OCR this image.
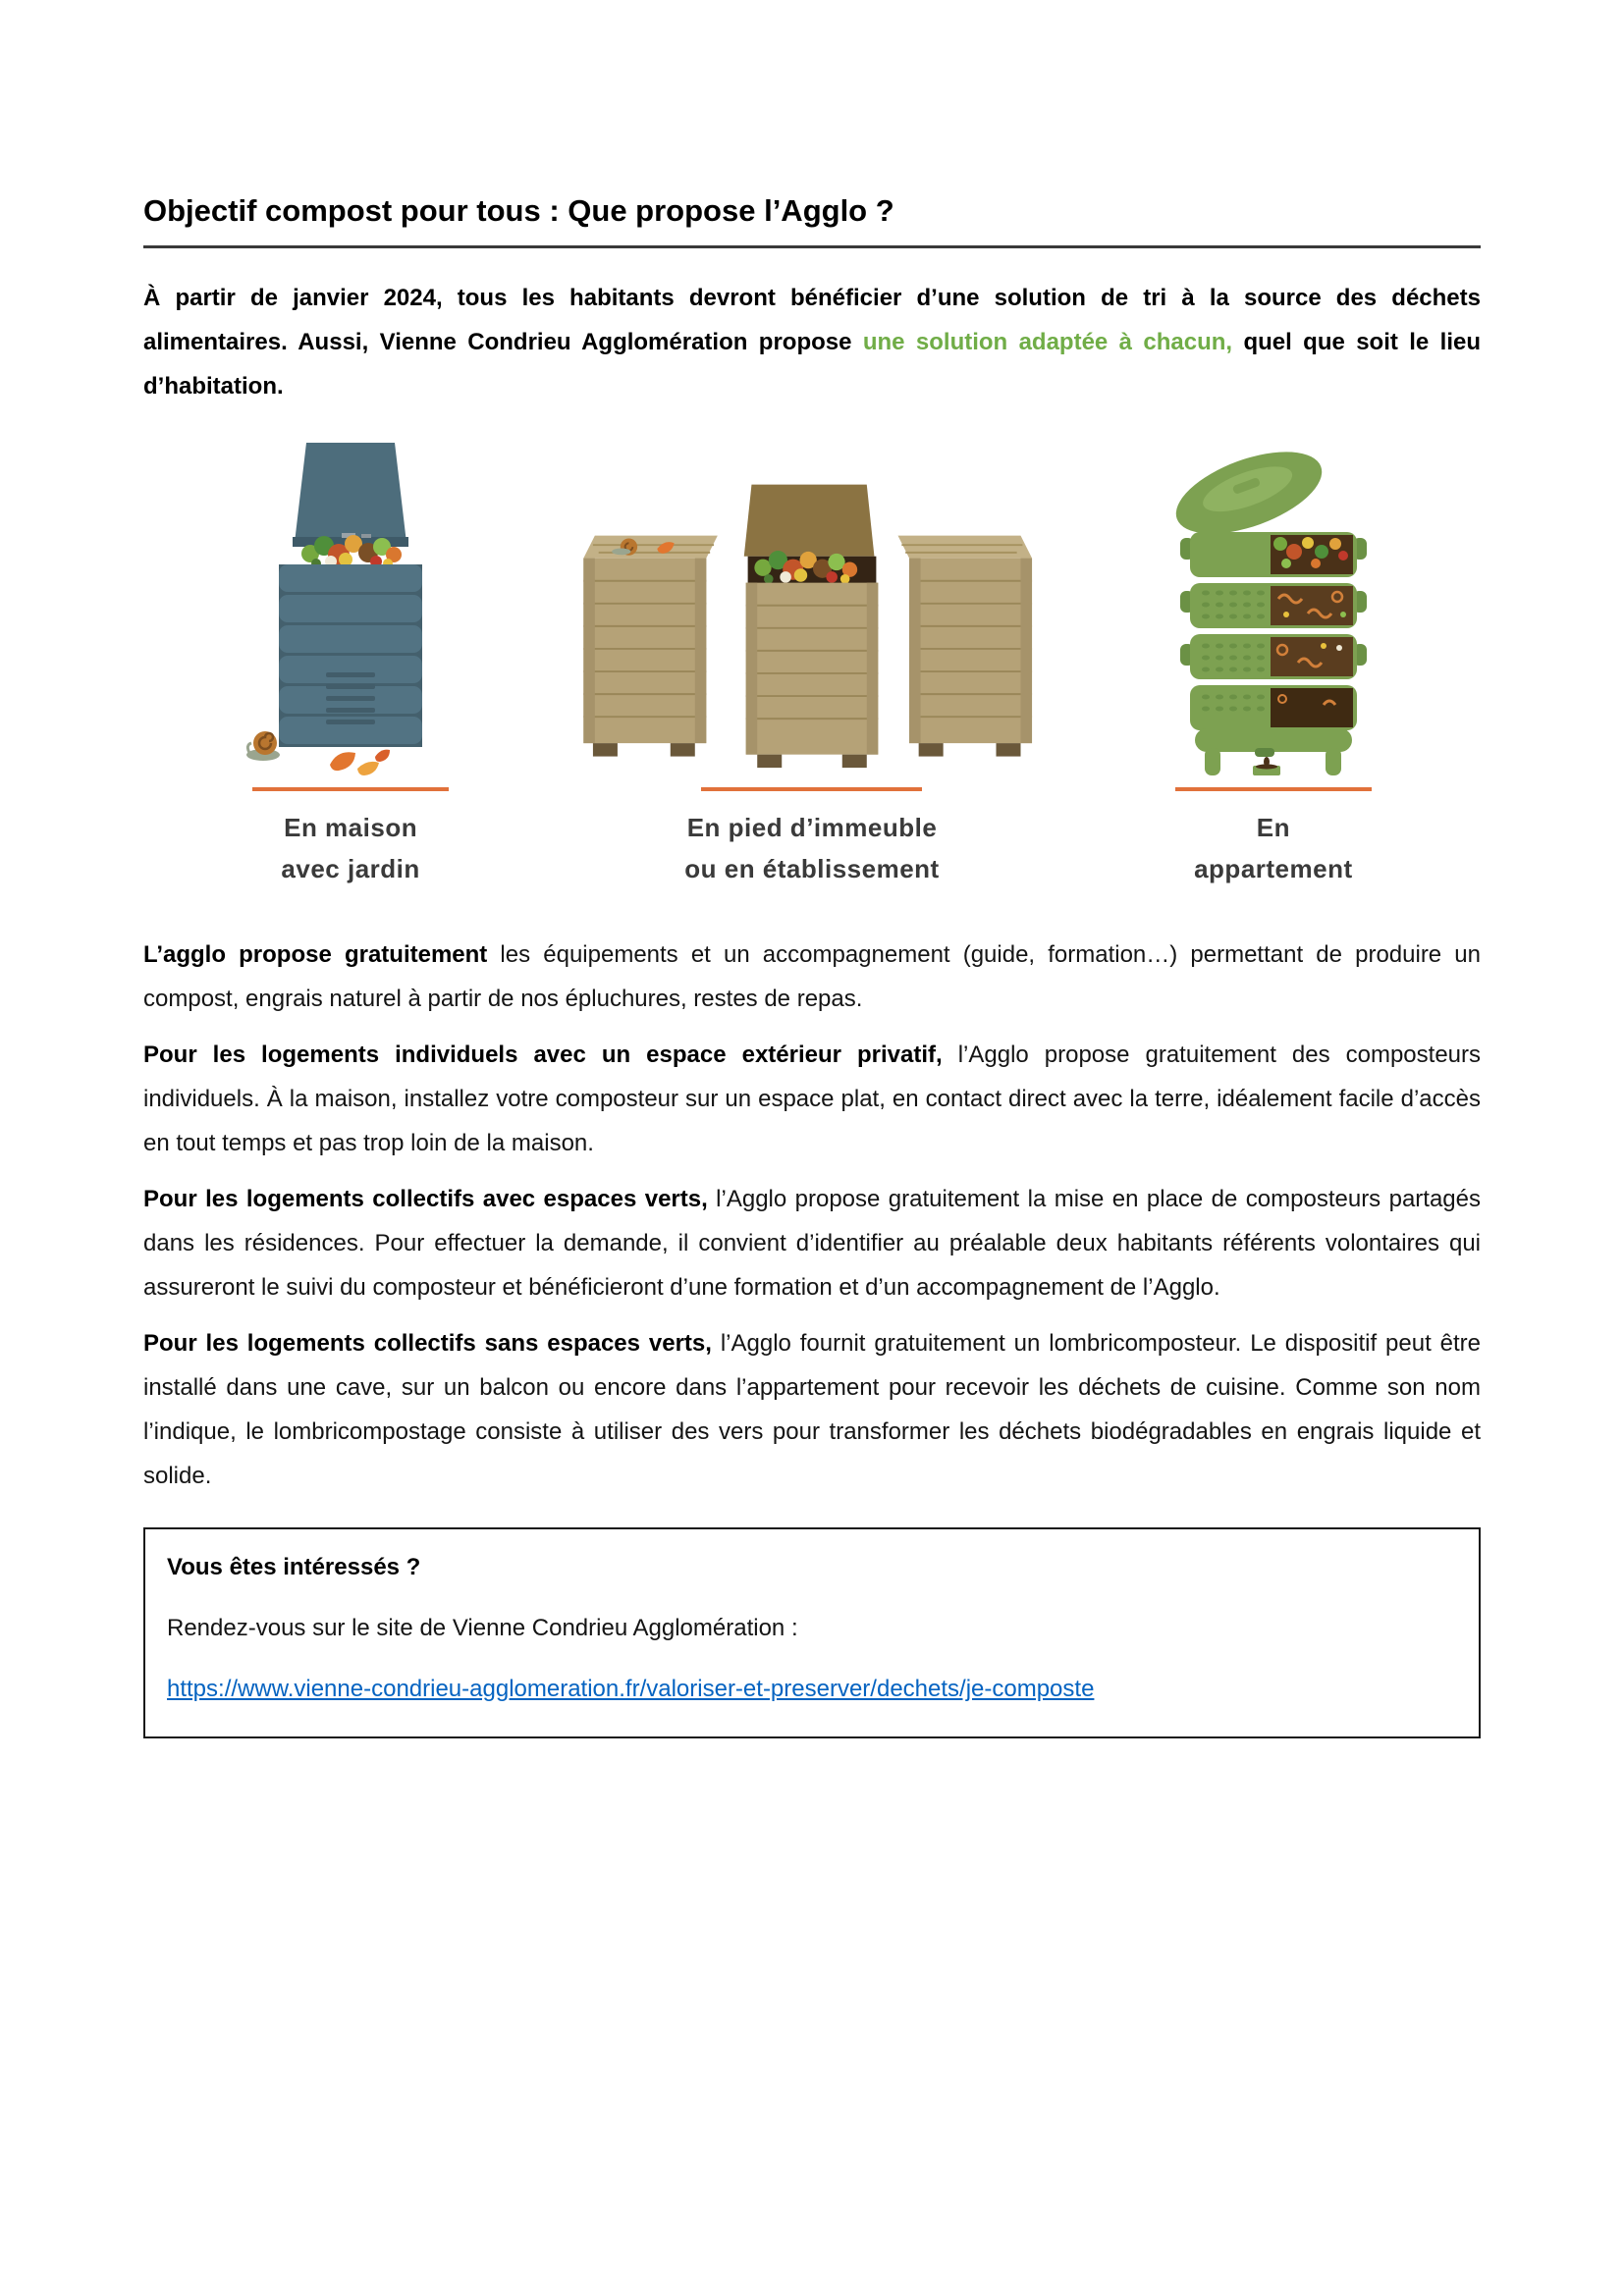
Objectif compost pour tous : Que propose l’Agglo ?

À partir de janvier 2024, tous les habitants devront bénéficier d’une solution de tri à la source des déchets alimentaires. Aussi, Vienne Condrieu Agglomération propose une solution adaptée à chacun, quel que soit le lieu d’habitation.

En maison
avec jardin
En pied d’immeuble
ou en établissement
En
appartement

L’agglo propose gratuitement les équipements et un accompagnement (guide, formation…) permettant de produire un compost, engrais naturel à partir de nos épluchures, restes de repas.

Pour les logements individuels avec un espace extérieur privatif, l’Agglo propose gratuitement des composteurs individuels. À la maison, installez votre composteur sur un espace plat, en contact direct avec la terre, idéalement facile d’accès en tout temps et pas trop loin de la maison.

Pour les logements collectifs avec espaces verts, l’Agglo propose gratuitement la mise en place de composteurs partagés dans les résidences. Pour effectuer la demande, il convient d’identifier au préalable deux habitants référents volontaires qui assureront le suivi du composteur et bénéficieront d’une formation et d’un accompagnement de l’Agglo.

Pour les logements collectifs sans espaces verts, l’Agglo fournit gratuitement un lombricomposteur. Le dispositif peut être installé dans une cave, sur un balcon ou encore dans l’appartement pour recevoir les déchets de cuisine. Comme son nom l’indique, le lombricompostage consiste à utiliser des vers pour transformer les déchets biodégradables en engrais liquide et solide.

Vous êtes intéressés ?

Rendez-vous sur le site de Vienne Condrieu Agglomération :

https://www.vienne-condrieu-agglomeration.fr/valoriser-et-preserver/dechets/je-composte
